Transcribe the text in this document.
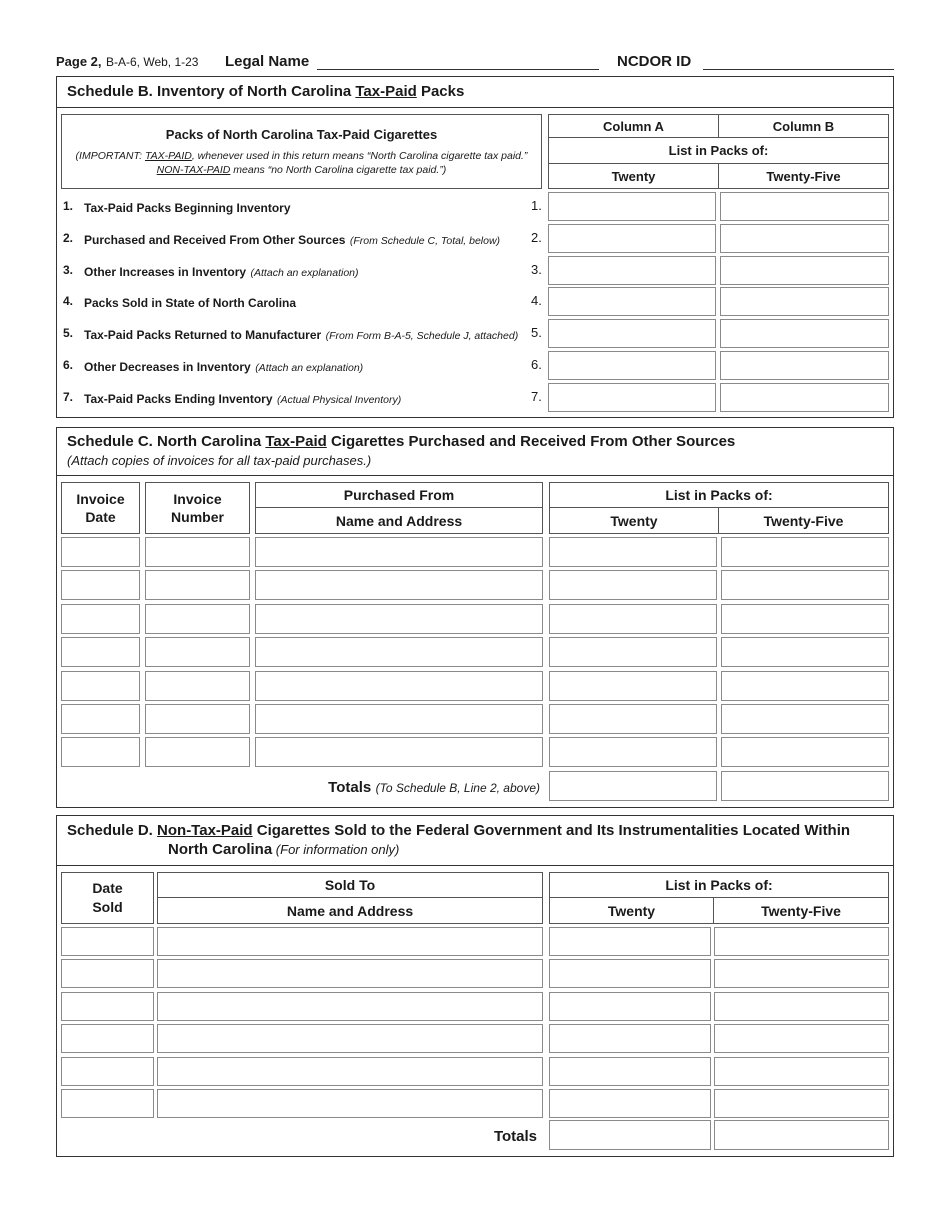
Page 2, B-A-6, Web, 1-23 Legal Name	NCDOR ID
Schedule B. Inventory of North Carolina Tax-Paid Packs
Packs of North Carolina Tax-Paid Cigarettes
(IMPORTANT: TAX-PAID, whenever used in this return means “North Carolina cigarette tax paid.”
NON-TAX-PAID means “no North Carolina cigarette tax paid.”)
Column A	Column B
List in Packs of:
Twenty	Twenty-Five
1. Tax-Paid Packs Beginning Inventory	1.
2. Purchased and Received From Other Sources (From Schedule C, Total, below) 2.
3. Other Increases in Inventory (Attach an explanation)	3.
4. Packs Sold in State of North Carolina	4.
5. Tax-Paid Packs Returned to Manufacturer (From Form B-A-5, Schedule J, attached) 5.
6. Other Decreases in Inventory (Attach an explanation)	6.
7. Tax-Paid Packs Ending Inventory (Actual Physical Inventory)	7.
Schedule C. North Carolina Tax-Paid Cigarettes Purchased and Received From Other Sources
(Attach copies of invoices for all tax-paid purchases.)
Invoice
Date
Invoice
Number
Purchased From
Name and Address
List in Packs of:
Twenty	Twenty-Five
Totals (To Schedule B, Line 2, above)
Schedule D. Non-Tax-Paid Cigarettes Sold to the Federal Government and Its Instrumentalities Located Within
North Carolina (For information only)
Date
Sold
Sold To
Name and Address
List in Packs of:
Twenty	Twenty-Five
Totals
